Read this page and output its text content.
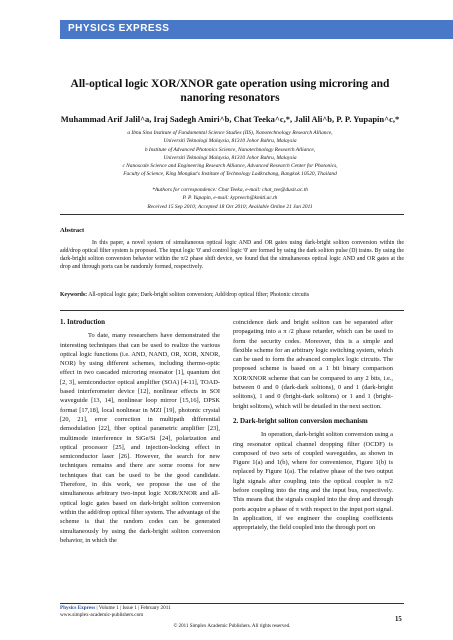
PHYSICS EXPRESS
All-optical logic XOR/XNOR gate operation using microring and nanoring resonators
Muhammad Arif Jalil^a, Iraj Sadegh Amiri^b, Chat Teeka^c,*, Jalil Ali^b, P. P. Yupapin^c,*
a Ibnu Sina Institute of Fundamental Science Studies (IIS), Nanotechnology Research Alliance,
Universiti Teknologi Malaysia, 81310 Johor Bahru, Malaysia
b Institute of Advanced Photonics Science, Nanotechnology Research Alliance,
Universiti Teknologi Malaysia, 81310 Johor Bahru, Malaysia
c Nanoscale Science and Engineering Research Alliance, Advanced Research Center for Photonics,
Faculty of Science, King Mongkut's Institute of Technology Ladkrabang, Bangkok 10520, Thailand
*Authors for correspondence: Chat Teeka, e-mail: chat_tee@dusit.ac.th
P. P. Yupapin, e-mail: kypreech@kmitl.ac.th
Received 15 Sep 2010; Accepted 18 Oct 2010; Available Online 21 Jan 2011
Abstract
In this paper, a novel system of simultaneous optical logic AND and OR gates using dark-bright soliton conversion within the add/drop optical filter system is proposed. The input logic '0' and control logic '0' are formed by using the dark soliton pulse (D) trains. By using the dark-bright soliton conversion behavior within the π/2 phase shift device, we found that the simultaneous optical logic AND and OR gates at the drop and through ports can be randomly formed, respectively.
Keywords: All-optical logic gate; Dark-bright soliton conversion; Add/drop optical filter; Photonic circuits
1. Introduction

To date, many researchers have demonstrated the interesting techniques that can be used to realize the various optical logic functions (i.e. AND, NAND, OR, XOR, XNOR, NOR) by using different schemes, including thermo-optic effect in two cascaded microring resonator [1], quantum dot [2, 3], semiconductor optical amplifier (SOA) [4-11], TOAD-based interferometer device [12], nonlinear effects in SOI waveguide [13, 14], nonlinear loop mirror [15,16], DPSK format [17,18], local nonlinear in MZI [19], photonic crystal [20, 21], error correction in multipath differential demodulation [22], fiber optical parametric amplifier [23], multimode interference in SiGe/Si [24], polarization and optical processor [25], and injection-locking effect in semiconductor laser [26]. However, the search for new techniques remains and there are some rooms for new techniques that can be used to be the good candidate. Therefore, in this work, we propose the use of the simultaneous arbitrary two-input logic XOR/XNOR and all-optical logic gates based on dark-bright soliton conversion within the add/drop optical filter system. The advantage of the scheme is that the random codes can be generated simultaneously by using the dark-bright soliton conversion behavior, in which the

coincidence dark and bright soliton can be separated after propagating into a π /2 phase retarder, which can be used to form the security codes. Moreover, this is a simple and flexible scheme for an arbitrary logic switching system, which can be used to form the advanced complex logic circuits. The proposed scheme is based on a 1 bit binary comparison XOR/XNOR scheme that can be compared to any 2 bits, i.e., between 0 and 0 (dark-dark solitons), 0 and 1 (dark-bright solitons), 1 and 0 (bright-dark solitons) or 1 and 1 (bright-bright solitons), which will be detailed in the next section.

2. Dark-bright soliton conversion mechanism

In operation, dark-bright soliton conversion using a ring resonator optical channel dropping filter (OCDF) is composed of two sets of coupled waveguides, as shown in Figure 1(a) and 1(b), where for convenience, Figure 1(b) is replaced by Figure 1(a). The relative phase of the two output light signals after coupling into the optical coupler is π/2 before coupling into the ring and the input bus, respectively. This means that the signals coupled into the drop and through ports acquire a phase of π with respect to the input port signal. In application, if we engineer the coupling coefficients appropriately, the field coupled into the through port on

Physics Express | Volume 1 | Issue 1 | February 2011
www.simplex-academic-publishers.com
© 2011 Simplex Academic Publishers. All rights reserved.
15
